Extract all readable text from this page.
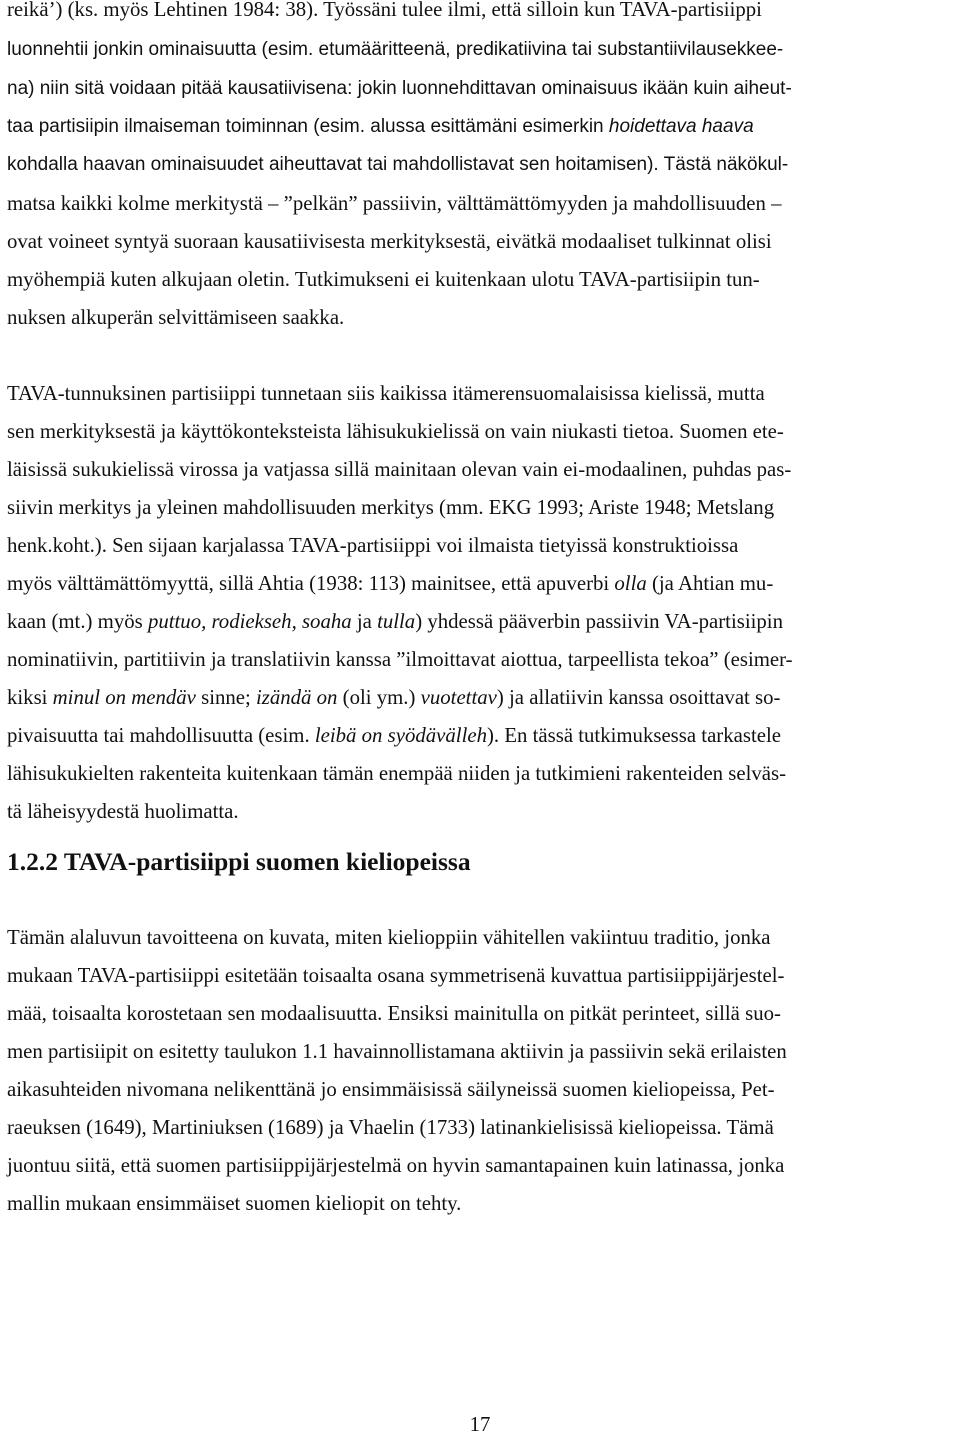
reikä’) (ks. myös Lehtinen 1984: 38). Työssäni tulee ilmi, että silloin kun TAVA-partisiippi

luonnehtii jonkin ominaisuutta (esim. etumääritteenä, predikatiivina tai substantiivilausekkee-

na) niin sitä voidaan pitää kausatiivisena: jokin luonnehdittavan ominaisuus ikään kuin aiheut-

taa partisiipin ilmaiseman toiminnan (esim. alussa esittämäni esimerkin hoidettava haava

kohdalla haavan ominaisuudet aiheuttavat tai mahdollistavat sen hoitamisen). Tästä näkökul-

matsa kaikki kolme merkitystä – ”pelkän” passiivin, välttämättömyyden ja mahdollisuuden –

ovat voineet syntyä suoraan kausatiivisesta merkityksestä, eivätkä modaaliset tulkinnat olisi

myöhempiä kuten alkujaan oletin. Tutkimukseni ei kuitenkaan ulotu TAVA-partisiipin tun-

nuksen alkuperän selvittämiseen saakka.

TAVA-tunnuksinen partisiippi tunnetaan siis kaikissa itämerensuomalaisissa kielissä, mutta

sen merkityksestä ja käyttökonteksteista lähisukukielissä on vain niukasti tietoa. Suomen ete-

läisissä sukukielissä virossa ja vatjassa sillä mainitaan olevan vain ei-modaalinen, puhdas pas-

siivin merkitys ja yleinen mahdollisuuden merkitys (mm. EKG 1993; Ariste 1948; Metslang

henk.koht.). Sen sijaan karjalassa TAVA-partisiippi voi ilmaista tietyissä konstruktioissa

myös välttämättömyyttä, sillä Ahtia (1938: 113) mainitsee, että apuverbi olla (ja Ahtian mu-

kaan (mt.) myös puttuo, rodiekseh, soaha ja tulla) yhdessä pääverbin passiivin VA-partisiipin

nominatiivin, partitiivin ja translatiivin kanssa ”ilmoittavat aiottua, tarpeellista tekoa” (esimer-

kiksi minul on mendäv sinne; izändä on (oli ym.) vuotettav) ja allatiivin kanssa osoittavat so-

pivaisuutta tai mahdollisuutta (esim. leibä on syödävälleh). En tässä tutkimuksessa tarkastele

lähisukukielten rakenteita kuitenkaan tämän enempää niiden ja tutkimieni rakenteiden selväs-

tä läheisyydestä huolimatta.

1.2.2 TAVA-partisiippi suomen kieliopeissa

Tämän alaluvun tavoitteena on kuvata, miten kielioppiin vähitellen vakiintuu traditio, jonka

mukaan TAVA-partisiippi esitetään toisaalta osana symmetrisenä kuvattua partisiippijärjestel-

mää, toisaalta korostetaan sen modaalisuutta. Ensiksi mainitulla on pitkät perinteet, sillä suo-

men partisiipit on esitetty taulukon 1.1 havainnollistamana aktiivin ja passiivin sekä erilaisten

aikasuhteiden nivomana nelikenttänä jo ensimmäisissä säilyneissä suomen kieliopeissa, Pet-

raeuksen (1649), Martiniuksen (1689) ja Vhaelin (1733) latinankielisissä kieliopeissa. Tämä

juontuu siitä, että suomen partisiippijärjestelmä on hyvin samantapainen kuin latinassa, jonka

mallin mukaan ensimmäiset suomen kieliopit on tehty.

17
